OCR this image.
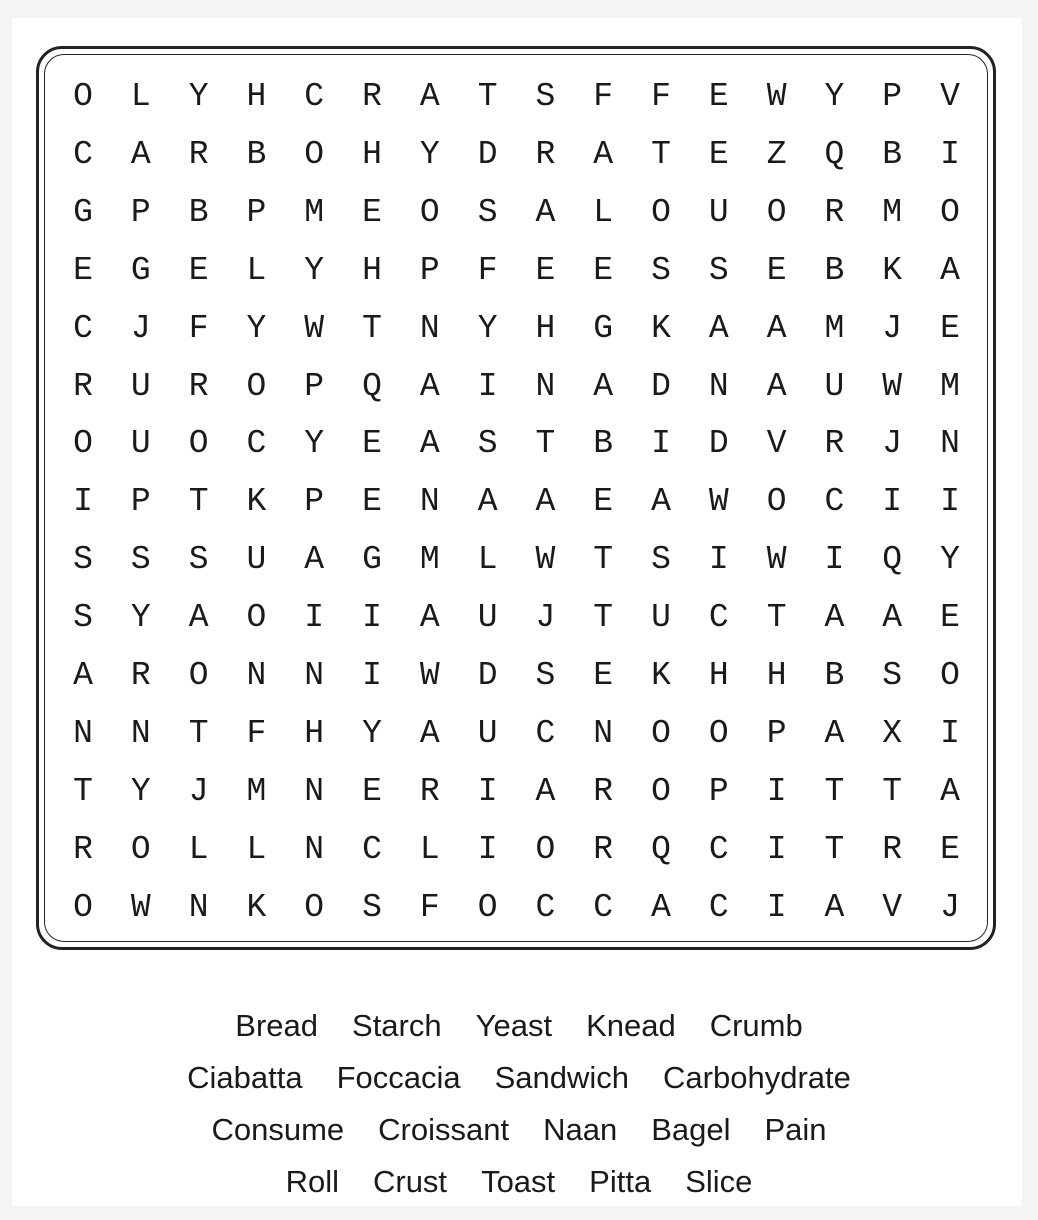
O	L	Y	H	C	R	A	T	S	F	F	E	W	Y	P	V
C	A	R	B	O	H	Y	D	R	A	T	E	Z	Q	B	I
G	P	B	P	M	E	O	S	A	L	O	U	O	R	M	O
E	G	E	L	Y	H	P	F	E	E	S	S	E	B	K	A
C	J	F	Y	W	T	N	Y	H	G	K	A	A	M	J	E
R	U	R	O	P	Q	A	I	N	A	D	N	A	U	W	M
O	U	O	C	Y	E	A	S	T	B	I	D	V	R	J	N
I	P	T	K	P	E	N	A	A	E	A	W	O	C	I	I
S	S	S	U	A	G	M	L	W	T	S	I	W	I	Q	Y
S	Y	A	O	I	I	A	U	J	T	U	C	T	A	A	E
A	R	O	N	N	I	W	D	S	E	K	H	H	B	S	O
N	N	T	F	H	Y	A	U	C	N	O	O	P	A	X	I
T	Y	J	M	N	E	R	I	A	R	O	P	I	T	T	A
R	O	L	L	N	C	L	I	O	R	Q	C	I	T	R	E
O	W	N	K	O	S	F	O	C	C	A	C	I	A	V	J
Bread Starch Yeast Knead Crumb
Ciabatta Foccacia Sandwich Carbohydrate
Consume Croissant Naan Bagel Pain
Roll Crust Toast Pitta Slice
